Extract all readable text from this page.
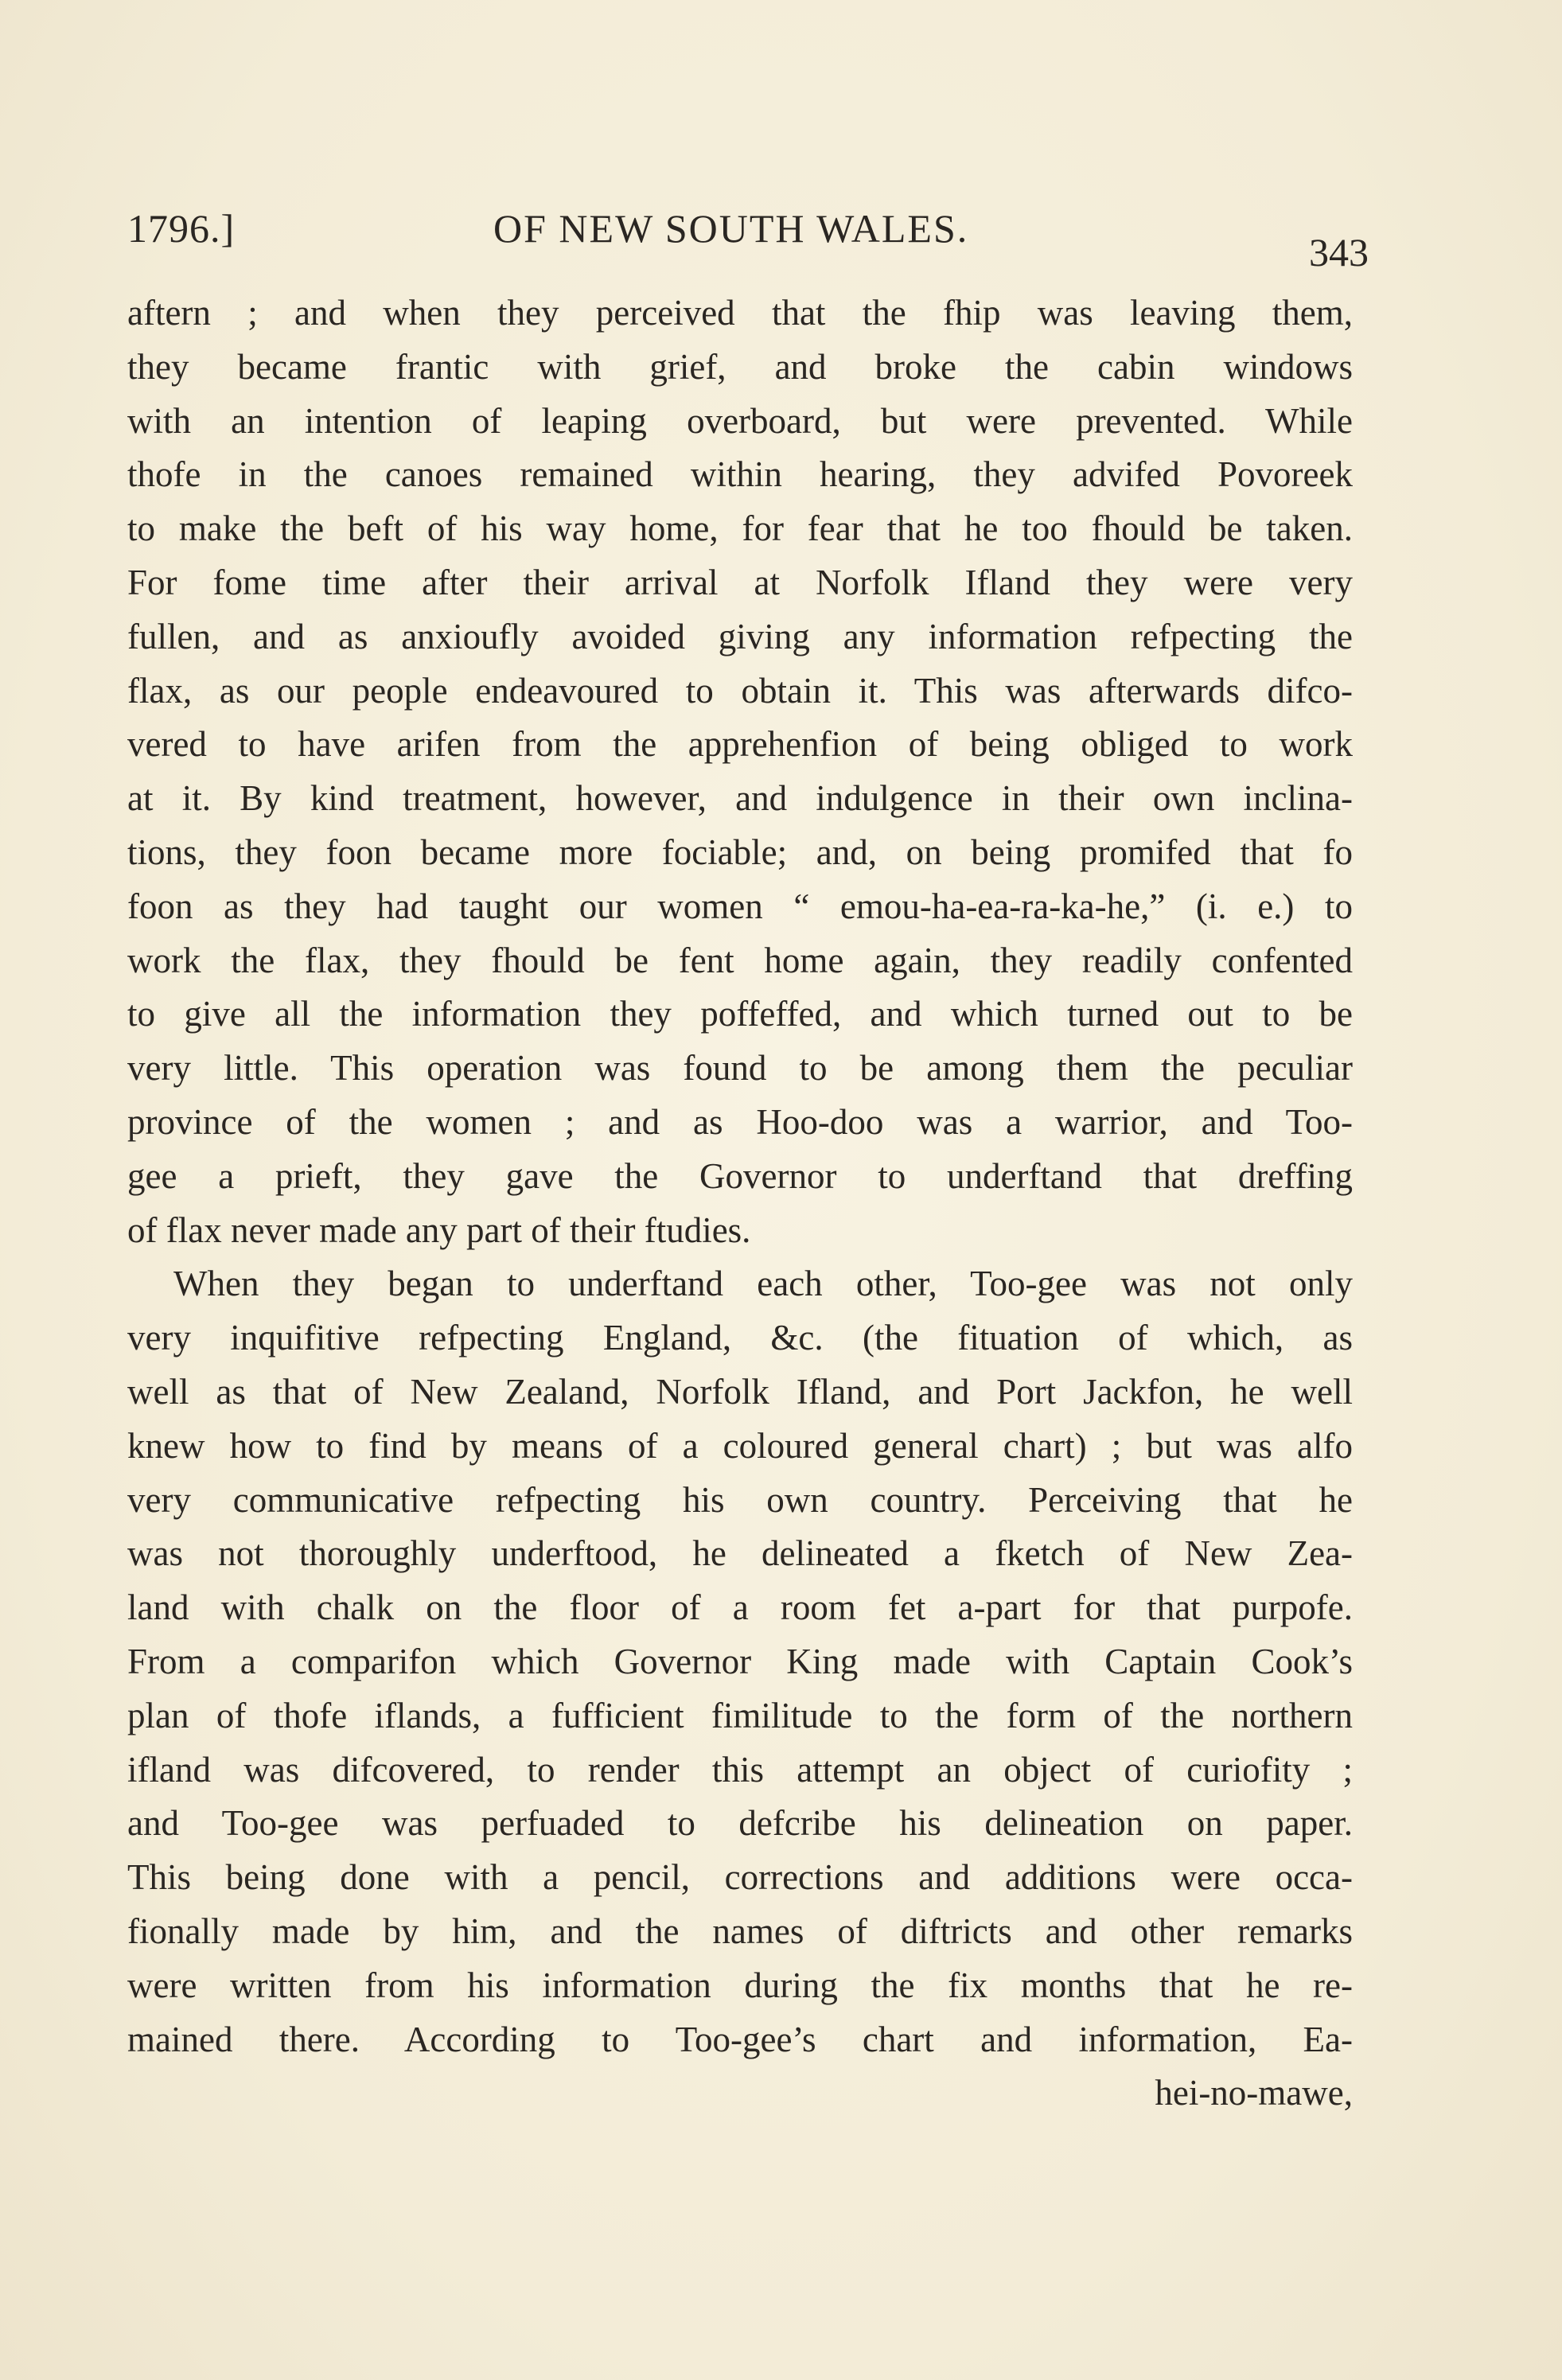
1796.]	OF NEW SOUTH WALES.
343
aftern ; and when they perceived that the fhip was leaving them,
they became frantic with grief, and broke the cabin windows
with an intention of leaping overboard, but were prevented. While
thofe in the canoes remained within hearing, they advifed Povoreek
to make the beft of his way home, for fear that he too fhould be taken.
For fome time after their arrival at Norfolk Ifland they were very
fullen, and as anxioufly avoided giving any information refpecting the
flax, as our people endeavoured to obtain it. This was afterwards difco-
vered to have arifen from the apprehenfion of being obliged to work
at it. By kind treatment, however, and indulgence in their own inclina-
tions, they foon became more fociable; and, on being promifed that fo
foon as they had taught our women “ emou-ha-ea-ra-ka-he,” (i. e.) to
work the flax, they fhould be fent home again, they readily confented
to give all the information they poffeffed, and which turned out to be
very little. This operation was found to be among them the peculiar
province of the women ; and as Hoo-doo was a warrior, and Too-
gee a prieft, they gave the Governor to underftand that dreffing
of flax never made any part of their ftudies.
When they began to underftand each other, Too-gee was not only
very inquifitive refpecting England, &c. (the fituation of which, as
well as that of New Zealand, Norfolk Ifland, and Port Jackfon, he well
knew how to find by means of a coloured general chart) ; but was alfo
very communicative refpecting his own country. Perceiving that he
was not thoroughly underftood, he delineated a fketch of New Zea-
land with chalk on the floor of a room fet a-part for that purpofe.
From a comparifon which Governor King made with Captain Cook’s
plan of thofe iflands, a fufficient fimilitude to the form of the northern
ifland was difcovered, to render this attempt an object of curiofity ;
and Too-gee was perfuaded to defcribe his delineation on paper.
This being done with a pencil, corrections and additions were occa-
fionally made by him, and the names of diftricts and other remarks
were written from his information during the fix months that he re-
mained there. According to Too-gee’s chart and information, Ea-
hei-no-mawe,
